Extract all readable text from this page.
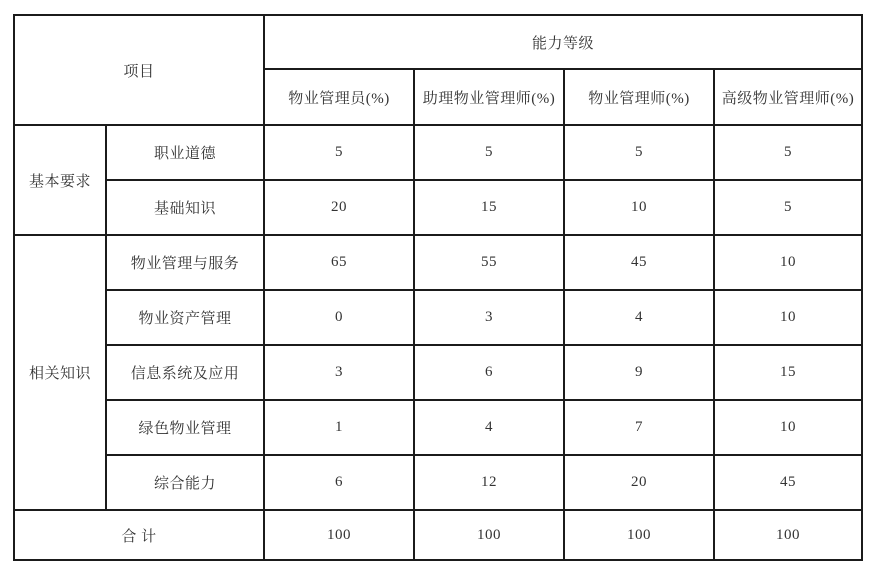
项目		能力等级			
		物业管理员(%)	助理物业管理师(%)	物业管理师(%)	高级物业管理师(%)
基本要求	职业道德	5	5	5	5
	基础知识	20	15	10	5
相关知识	物业管理与服务	65	55	45	10
	物业资产管理	0	3	4	10
	信息系统及应用	3	6	9	15
	绿色物业管理	1	4	7	10
	综合能力	6	12	20	45
合 计		100	100	100	100
